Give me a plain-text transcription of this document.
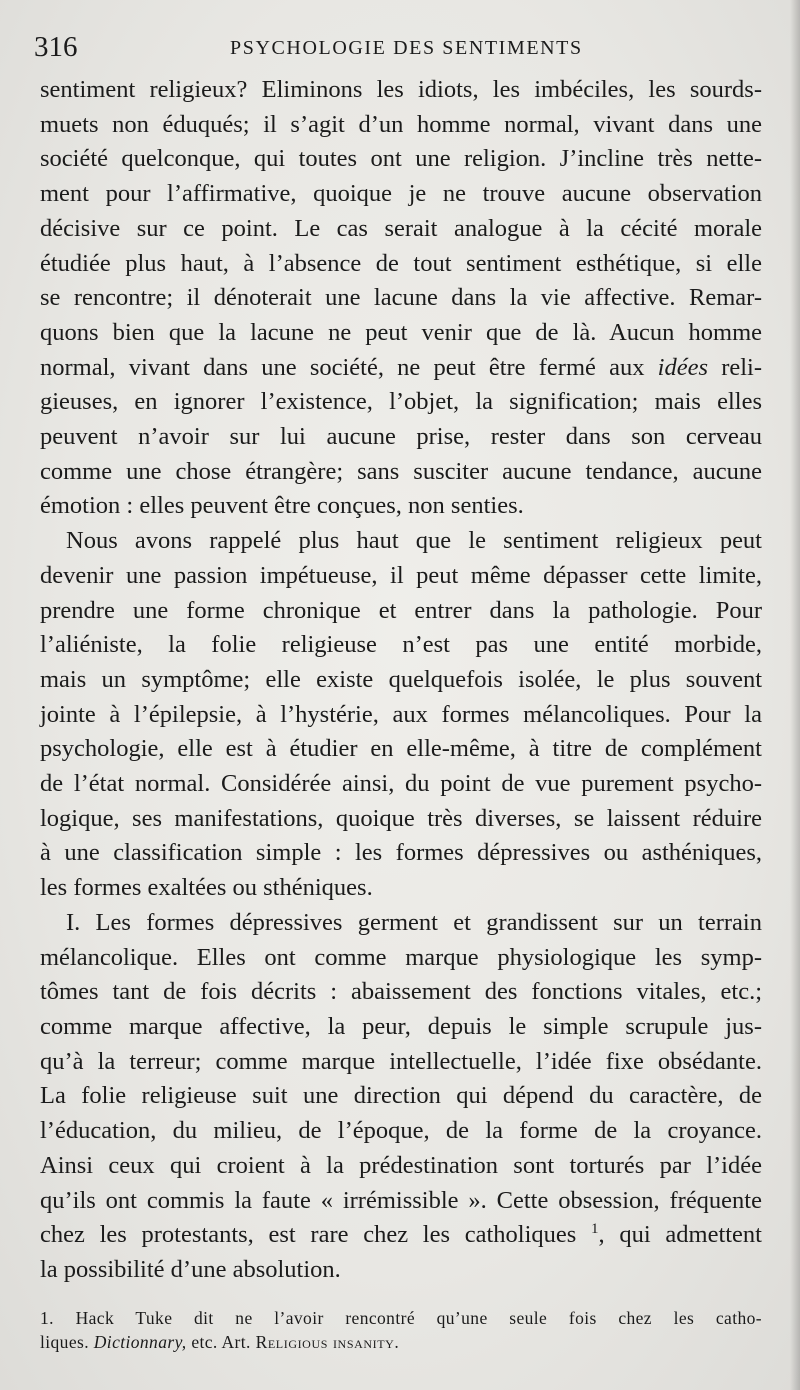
316	PSYCHOLOGIE DES SENTIMENTS
sentiment religieux? Eliminons les idiots, les imbéciles, les sourds-
muets non éduqués; il s’agit d’un homme normal, vivant dans une
société quelconque, qui toutes ont une religion. J’incline très nette-
ment pour l’affirmative, quoique je ne trouve aucune observation
décisive sur ce point. Le cas serait analogue à la cécité morale
étudiée plus haut, à l’absence de tout sentiment esthétique, si elle
se rencontre; il dénoterait une lacune dans la vie affective. Remar-
quons bien que la lacune ne peut venir que de là. Aucun homme
normal, vivant dans une société, ne peut être fermé aux idées reli-
gieuses, en ignorer l’existence, l’objet, la signification; mais elles
peuvent n’avoir sur lui aucune prise, rester dans son cerveau
comme une chose étrangère; sans susciter aucune tendance, aucune
émotion : elles peuvent être conçues, non senties.
Nous avons rappelé plus haut que le sentiment religieux peut
devenir une passion impétueuse, il peut même dépasser cette limite,
prendre une forme chronique et entrer dans la pathologie. Pour
l’aliéniste, la folie religieuse n’est pas une entité morbide,
mais un symptôme; elle existe quelquefois isolée, le plus souvent
jointe à l’épilepsie, à l’hystérie, aux formes mélancoliques. Pour la
psychologie, elle est à étudier en elle-même, à titre de complément
de l’état normal. Considérée ainsi, du point de vue purement psycho-
logique, ses manifestations, quoique très diverses, se laissent réduire
à une classification simple : les formes dépressives ou asthéniques,
les formes exaltées ou sthéniques.
I. Les formes dépressives germent et grandissent sur un terrain
mélancolique. Elles ont comme marque physiologique les symp-
tômes tant de fois décrits : abaissement des fonctions vitales, etc.;
comme marque affective, la peur, depuis le simple scrupule jus-
qu’à la terreur; comme marque intellectuelle, l’idée fixe obsédante.
La folie religieuse suit une direction qui dépend du caractère, de
l’éducation, du milieu, de l’époque, de la forme de la croyance.
Ainsi ceux qui croient à la prédestination sont torturés par l’idée
qu’ils ont commis la faute « irrémissible ». Cette obsession, fréquente
chez les protestants, est rare chez les catholiques $^1$, qui admettent
la possibilité d’une absolution.
1. Hack Tuke dit ne l’avoir rencontré qu’une seule fois chez les catho-
liques. Dictionnary, etc. Art. Religious insanity.
